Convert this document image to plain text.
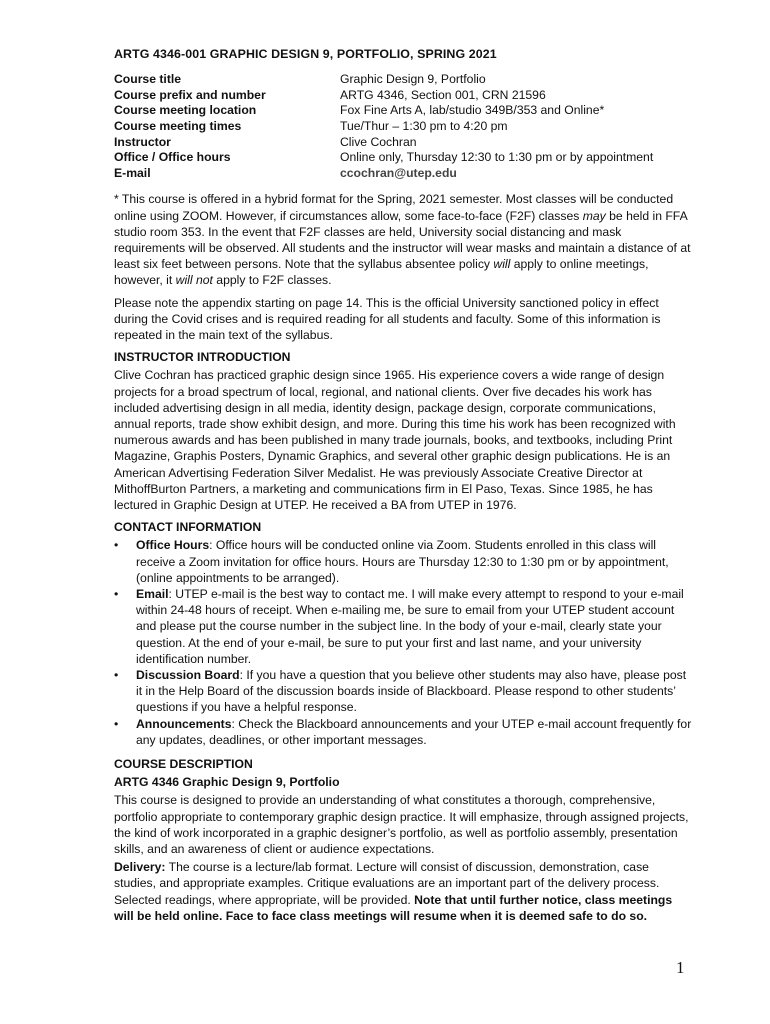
ARTG 4346-001 GRAPHIC DESIGN 9, PORTFOLIO, SPRING 2021
Course title	Graphic Design 9, Portfolio
Course prefix and number	ARTG 4346, Section 001, CRN 21596
Course meeting location	Fox Fine Arts A, lab/studio 349B/353 and Online*
Course meeting times	Tue/Thur – 1:30 pm to 4:20 pm
Instructor	Clive Cochran
Office / Office hours	Online only, Thursday 12:30 to 1:30 pm or by appointment
E-mail	ccochran@utep.edu

* This course is offered in a hybrid format for the Spring, 2021 semester. Most classes will be conducted online using ZOOM. However, if circumstances allow, some face-to-face (F2F) classes may be held in FFA studio room 353. In the event that F2F classes are held, University social distancing and mask requirements will be observed. All students and the instructor will wear masks and maintain a distance of at least six feet between persons. Note that the syllabus absentee policy will apply to online meetings, however, it will not apply to F2F classes.

Please note the appendix starting on page 14. This is the official University sanctioned policy in effect during the Covid crises and is required reading for all students and faculty. Some of this information is repeated in the main text of the syllabus.

INSTRUCTOR INTRODUCTION

Clive Cochran has practiced graphic design since 1965. His experience covers a wide range of design projects for a broad spectrum of local, regional, and national clients. Over five decades his work has included advertising design in all media, identity design, package design, corporate communications, annual reports, trade show exhibit design, and more. During this time his work has been recognized with numerous awards and has been published in many trade journals, books, and textbooks, including Print Magazine, Graphis Posters, Dynamic Graphics, and several other graphic design publications. He is an American Advertising Federation Silver Medalist. He was previously Associate Creative Director at MithoffBurton Partners, a marketing and communications firm in El Paso, Texas. Since 1985, he has lectured in Graphic Design at UTEP. He received a BA from UTEP in 1976.

CONTACT INFORMATION
• Office Hours: Office hours will be conducted online via Zoom. Students enrolled in this class will receive a Zoom invitation for office hours. Hours are Thursday 12:30 to 1:30 pm or by appointment, (online appointments to be arranged).
• Email: UTEP e-mail is the best way to contact me. I will make every attempt to respond to your e-mail within 24-48 hours of receipt. When e-mailing me, be sure to email from your UTEP student account and please put the course number in the subject line. In the body of your e-mail, clearly state your question. At the end of your e-mail, be sure to put your first and last name, and your university identification number.
• Discussion Board: If you have a question that you believe other students may also have, please post it in the Help Board of the discussion boards inside of Blackboard. Please respond to other students’ questions if you have a helpful response.
• Announcements: Check the Blackboard announcements and your UTEP e-mail account frequently for any updates, deadlines, or other important messages.
COURSE DESCRIPTION
ARTG 4346 Graphic Design 9, Portfolio

This course is designed to provide an understanding of what constitutes a thorough, comprehensive, portfolio appropriate to contemporary graphic design practice. It will emphasize, through assigned projects, the kind of work incorporated in a graphic designer’s portfolio, as well as portfolio assembly, presentation skills, and an awareness of client or audience expectations.

Delivery: The course is a lecture/lab format. Lecture will consist of discussion, demonstration, case studies, and appropriate examples. Critique evaluations are an important part of the delivery process. Selected readings, where appropriate, will be provided. Note that until further notice, class meetings will be held online. Face to face class meetings will resume when it is deemed safe to do so.

1
